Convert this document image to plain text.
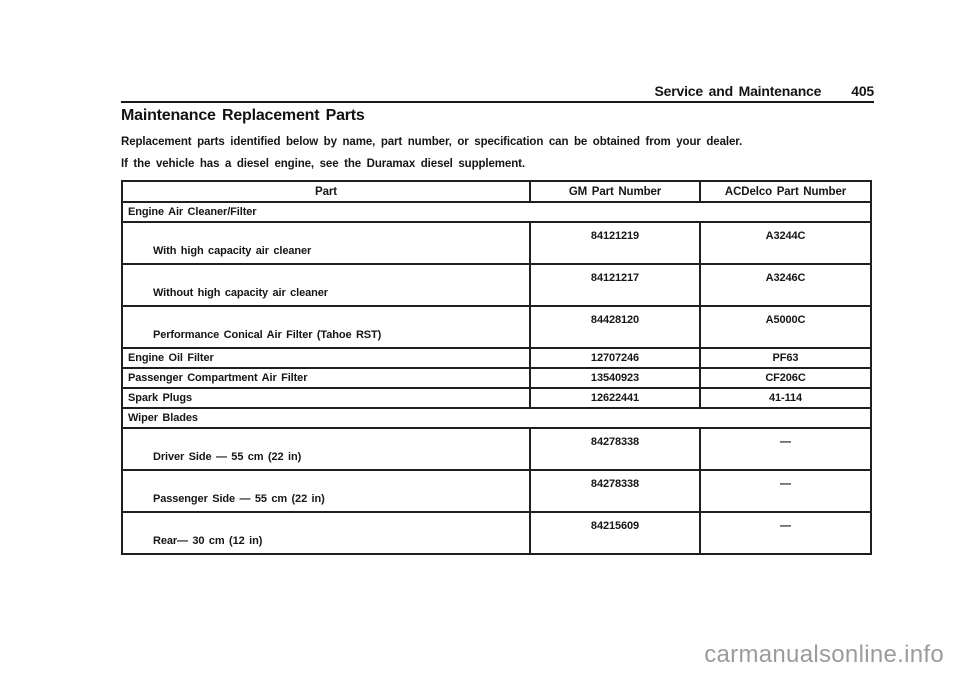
Service and Maintenance 405
Maintenance Replacement Parts
Replacement parts identified below by name, part number, or specification can be obtained from your dealer.
If the vehicle has a diesel engine, see the Duramax diesel supplement.
Part	GM Part Number	ACDelco Part Number
Engine Air Cleaner/Filter		
With high capacity air cleaner	84121219	A3244C
Without high capacity air cleaner	84121217	A3246C
Performance Conical Air Filter (Tahoe RST)	84428120	A5000C
Engine Oil Filter	12707246	PF63
Passenger Compartment Air Filter	13540923	CF206C
Spark Plugs	12622441	41-114
Wiper Blades		
Driver Side — 55 cm (22 in)	84278338	—
Passenger Side — 55 cm (22 in)	84278338	—
Rear— 30 cm (12 in)	84215609	—
carmanualsonline.info
